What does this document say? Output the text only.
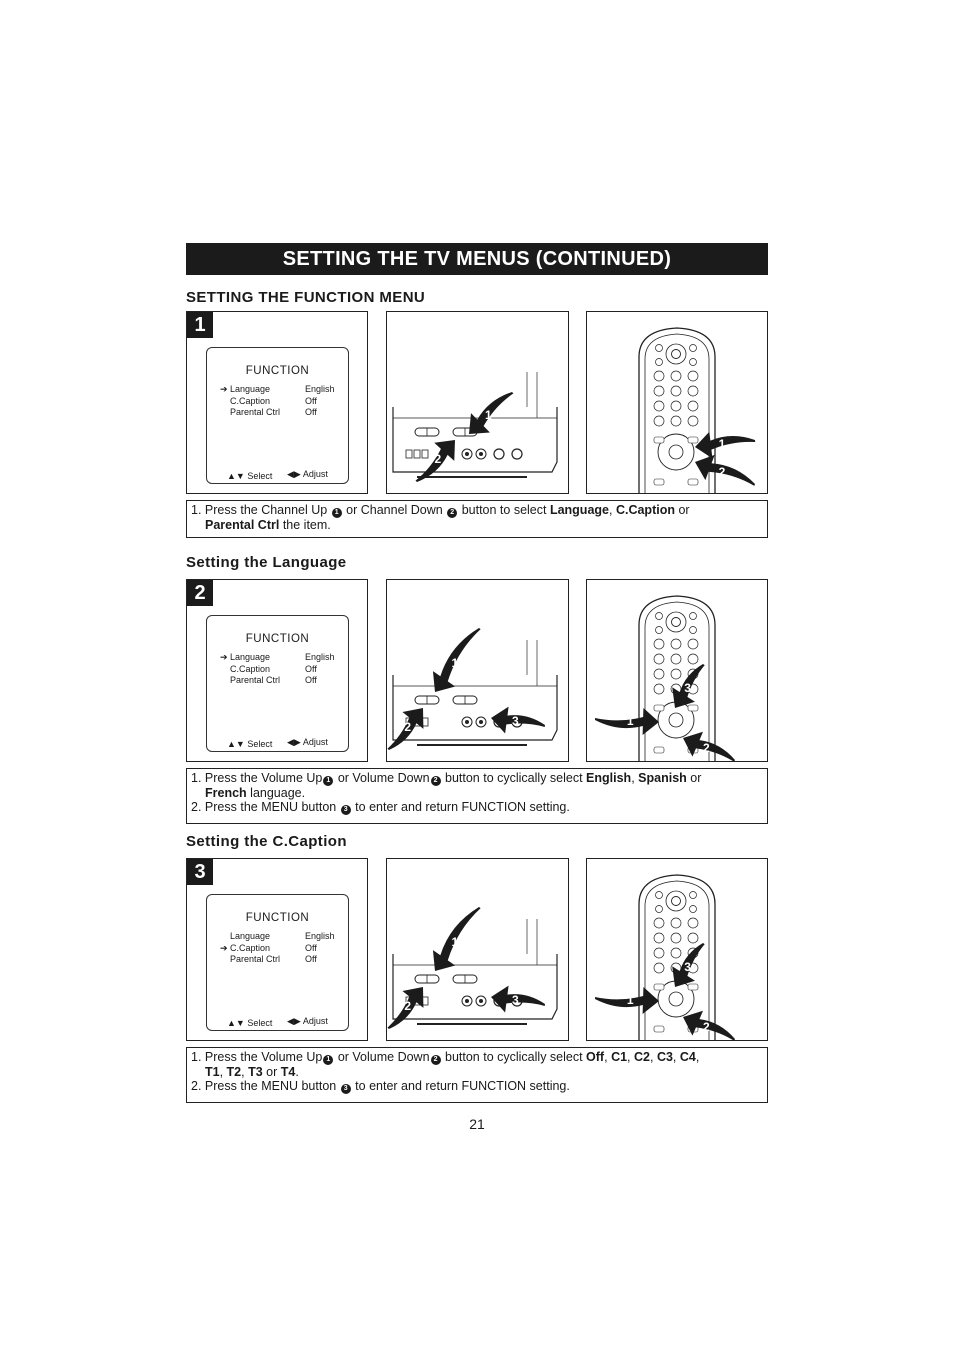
SETTING THE TV MENUS (CONTINUED)
SETTING THE FUNCTION MENU
1
FUNCTION
➔ Language	English
C.Caption	Off
Parental Ctrl	Off
▲▼ Select ◀▶ Adjust
1
2
1
2

1. Press the Channel Up 1 or Channel Down 2 button to select Language, C.Caption or

Parental Ctrl the item.

Setting the Language
2
FUNCTION
➔ Language	English
C.Caption	Off
Parental Ctrl	Off
▲▼ Select ◀▶ Adjust
1
2	3	1
2
3

1. Press the Volume Up 1 or Volume Down 2 button to cyclically select English, Spanish or

French language.

2. Press the MENU button 3 to enter and return FUNCTION setting.

Setting the C.Caption
3
FUNCTION
Language	English
➔ C.Caption	Off
Parental Ctrl	Off
▲▼ Select ◀▶ Adjust
1
2	3	1
2
3

1. Press the Volume Up 1 or Volume Down 2 button to cyclically select Off, C1, C2, C3, C4,

T1, T2, T3 or T4.

2. Press the MENU button 3 to enter and return FUNCTION setting.

21
